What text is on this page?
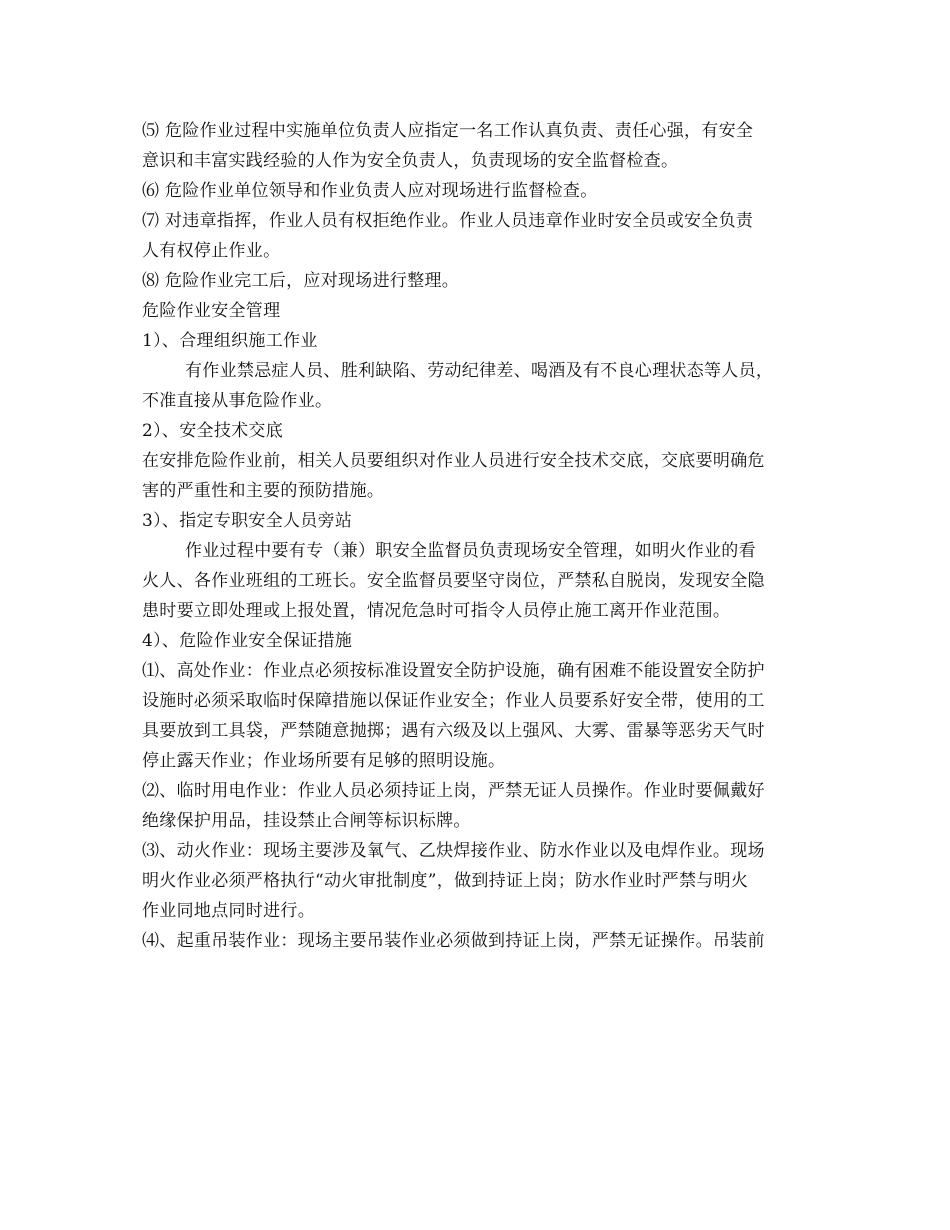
⑸ 危险作业过程中实施单位负责人应指定一名工作认真负责、责任心强，有安全

意识和丰富实践经验的人作为安全负责人，负责现场的安全监督检查。

⑹ 危险作业单位领导和作业负责人应对现场进行监督检查。

⑺ 对违章指挥，作业人员有权拒绝作业。作业人员违章作业时安全员或安全负责

人有权停止作业。

⑻ 危险作业完工后，应对现场进行整理。

危险作业安全管理

1）、合理组织施工作业

有作业禁忌症人员、胜利缺陷、劳动纪律差、喝酒及有不良心理状态等人员，

不准直接从事危险作业。

2）、安全技术交底

在安排危险作业前，相关人员要组织对作业人员进行安全技术交底，交底要明确危

害的严重性和主要的预防措施。

3）、指定专职安全人员旁站

作业过程中要有专（兼）职安全监督员负责现场安全管理，如明火作业的看

火人、各作业班组的工班长。安全监督员要坚守岗位，严禁私自脱岗，发现安全隐

患时要立即处理或上报处置，情况危急时可指令人员停止施工离开作业范围。

4）、危险作业安全保证措施

⑴、高处作业：作业点必须按标准设置安全防护设施，确有困难不能设置安全防护

设施时必须采取临时保障措施以保证作业安全；作业人员要系好安全带，使用的工

具要放到工具袋，严禁随意抛掷；遇有六级及以上强风、大雾、雷暴等恶劣天气时

停止露天作业；作业场所要有足够的照明设施。

⑵、临时用电作业：作业人员必须持证上岗，严禁无证人员操作。作业时要佩戴好

绝缘保护用品，挂设禁止合闸等标识标牌。

⑶、动火作业：现场主要涉及氧气、乙炔焊接作业、防水作业以及电焊作业。现场

明火作业必须严格执行“动火审批制度”，做到持证上岗；防水作业时严禁与明火

作业同地点同时进行。

⑷、起重吊装作业：现场主要吊装作业必须做到持证上岗，严禁无证操作。吊装前
